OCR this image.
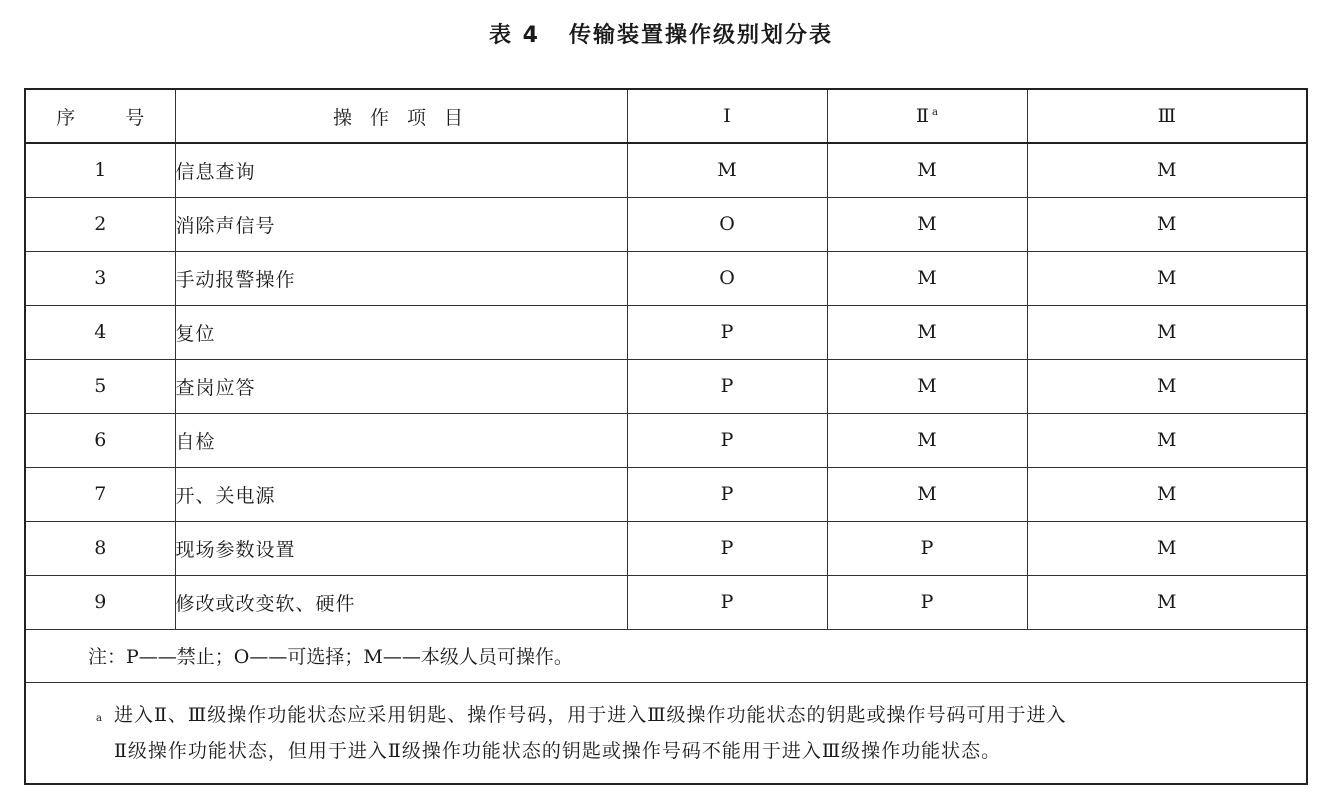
表 4   传输装置操作级别划分表
序 号	操 作 项 目	Ⅰ	Ⅱ $^a$	Ⅲ
1	信息查询	M	M	M
2	消除声信号	O	M	M
3	手动报警操作	O	M	M
4	复位	P	M	M
5	查岗应答	P	M	M
6	自检	P	M	M
7	开、关电源	P	M	M
8	现场参数设置	P	P	M
9	修改或改变软、硬件	P	P	M
注：P——禁止；O——可选择；M——本级人员可操作。				

a 进入Ⅱ、Ⅲ级操作功能状态应采用钥匙、操作号码，用于进入Ⅲ级操作功能状态的钥匙或操作号码可用于进入
Ⅱ级操作功能状态，但用于进入Ⅱ级操作功能状态的钥匙或操作号码不能用于进入Ⅲ级操作功能状态。				
